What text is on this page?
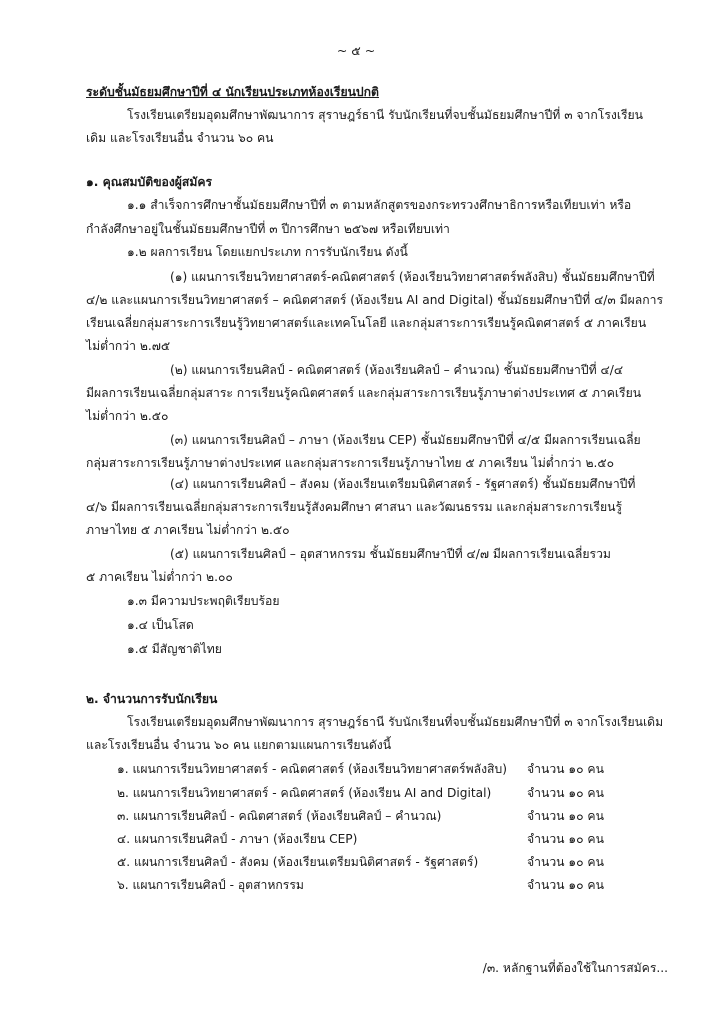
~ ๕ ~

ระดับชั้นมัธยมศึกษาปีที่ ๔ นักเรียนประเภทห้องเรียนปกติ

โรงเรียนเตรียมอุดมศึกษาพัฒนาการ สุราษฎร์ธานี รับนักเรียนที่จบชั้นมัธยมศึกษาปีที่ ๓ จากโรงเรียน

เดิม และโรงเรียนอื่น จำนวน ๖๐ คน

๑. คุณสมบัติของผู้สมัคร

๑.๑ สำเร็จการศึกษาชั้นมัธยมศึกษาปีที่ ๓ ตามหลักสูตรของกระทรวงศึกษาธิการหรือเทียบเท่า หรือ

กำลังศึกษาอยู่ในชั้นมัธยมศึกษาปีที่ ๓ ปีการศึกษา ๒๕๖๗ หรือเทียบเท่า

๑.๒ ผลการเรียน โดยแยกประเภท การรับนักเรียน ดังนี้

(๑) แผนการเรียนวิทยาศาสตร์-คณิตศาสตร์ (ห้องเรียนวิทยาศาสตร์พลังสิบ) ชั้นมัธยมศึกษาปีที่

๔/๒ และแผนการเรียนวิทยาศาสตร์ – คณิตศาสตร์ (ห้องเรียน AI and Digital) ชั้นมัธยมศึกษาปีที่ ๔/๓ มีผลการ

เรียนเฉลี่ยกลุ่มสาระการเรียนรู้วิทยาศาสตร์และเทคโนโลยี และกลุ่มสาระการเรียนรู้คณิตศาสตร์ ๕ ภาคเรียน

ไม่ต่ำกว่า ๒.๗๕

(๒) แผนการเรียนศิลป์ - คณิตศาสตร์ (ห้องเรียนศิลป์ – คำนวณ) ชั้นมัธยมศึกษาปีที่ ๔/๔

มีผลการเรียนเฉลี่ยกลุ่มสาระ การเรียนรู้คณิตศาสตร์ และกลุ่มสาระการเรียนรู้ภาษาต่างประเทศ ๕ ภาคเรียน

ไม่ต่ำกว่า ๒.๕๐

(๓) แผนการเรียนศิลป์ – ภาษา (ห้องเรียน CEP) ชั้นมัธยมศึกษาปีที่ ๔/๕ มีผลการเรียนเฉลี่ย

กลุ่มสาระการเรียนรู้ภาษาต่างประเทศ และกลุ่มสาระการเรียนรู้ภาษาไทย ๕ ภาคเรียน ไม่ต่ำกว่า ๒.๕๐

(๔) แผนการเรียนศิลป์ – สังคม (ห้องเรียนเตรียมนิติศาสตร์ - รัฐศาสตร์) ชั้นมัธยมศึกษาปีที่

๔/๖ มีผลการเรียนเฉลี่ยกลุ่มสาระการเรียนรู้สังคมศึกษา ศาสนา และวัฒนธรรม และกลุ่มสาระการเรียนรู้

ภาษาไทย ๕ ภาคเรียน ไม่ต่ำกว่า ๒.๕๐

(๕) แผนการเรียนศิลป์ – อุตสาหกรรม ชั้นมัธยมศึกษาปีที่ ๔/๗ มีผลการเรียนเฉลี่ยรวม

๕ ภาคเรียน ไม่ต่ำกว่า ๒.๐๐

๑.๓ มีความประพฤติเรียบร้อย

๑.๔ เป็นโสด

๑.๕ มีสัญชาติไทย

๒. จำนวนการรับนักเรียน

โรงเรียนเตรียมอุดมศึกษาพัฒนาการ สุราษฎร์ธานี รับนักเรียนที่จบชั้นมัธยมศึกษาปีที่ ๓ จากโรงเรียนเดิม

และโรงเรียนอื่น จำนวน ๖๐ คน แยกตามแผนการเรียนดังนี้

๑. แผนการเรียนวิทยาศาสตร์ - คณิตศาสตร์ (ห้องเรียนวิทยาศาสตร์พลังสิบ) จำนวน ๑๐ คน
๒. แผนการเรียนวิทยาศาสตร์ - คณิตศาสตร์ (ห้องเรียน AI and Digital)	จำนวน ๑๐ คน
๓. แผนการเรียนศิลป์ - คณิตศาสตร์ (ห้องเรียนศิลป์ – คำนวณ)	จำนวน ๑๐ คน
๔. แผนการเรียนศิลป์ - ภาษา (ห้องเรียน CEP)	จำนวน ๑๐ คน
๕. แผนการเรียนศิลป์ - สังคม (ห้องเรียนเตรียมนิติศาสตร์ - รัฐศาสตร์)	จำนวน ๑๐ คน
๖. แผนการเรียนศิลป์ - อุตสาหกรรม	จำนวน ๑๐ คน

/๓. หลักฐานที่ต้องใช้ในการสมัคร...
